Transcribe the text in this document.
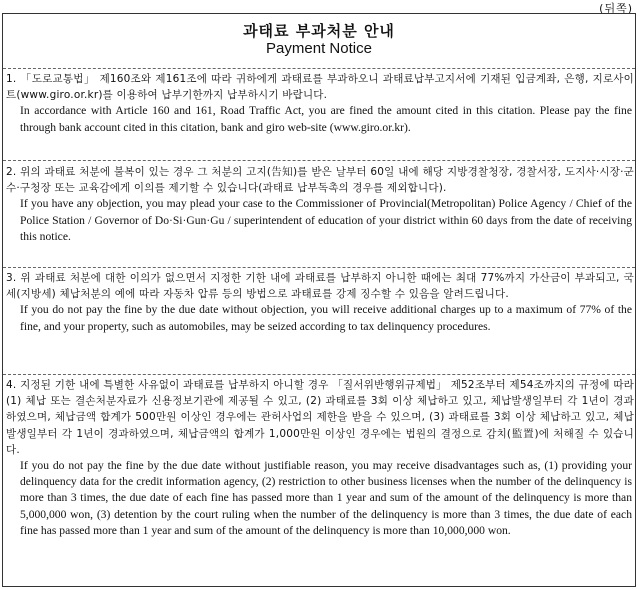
(뒤쪽)
과태료 부과처분 안내
Payment Notice

1. 「도로교통법」 제160조와 제161조에 따라 귀하에게 과태료를 부과하오니 과태료납부고지서에 기재된 입금계좌, 은행, 지로사이트(www.giro.or.kr)를 이용하여 납부기한까지 납부하시기 바랍니다.

In accordance with Article 160 and 161, Road Traffic Act, you are fined the amount cited in this citation. Please pay the fine through bank account cited in this citation, bank and giro web-site (www.giro.or.kr).

2. 위의 과태료 처분에 불복이 있는 경우 그 처분의 고지(告知)를 받은 날부터 60일 내에 해당 지방경찰청장, 경찰서장, 도지사·시장·군수·구청장 또는 교육감에게 이의를 제기할 수 있습니다(과태료 납부독촉의 경우를 제외합니다).

If you have any objection, you may plead your case to the Commissioner of Provincial(Metropolitan) Police Agency / Chief of the Police Station / Governor of Do·Si·Gun·Gu / superintendent of education of your district within 60 days from the date of receiving this notice.

3. 위 과태료 처분에 대한 이의가 없으면서 지정한 기한 내에 과태료를 납부하지 아니한 때에는 최대 77%까지 가산금이 부과되고, 국세(지방세) 체납처분의 예에 따라 자동차 압류 등의 방법으로 과태료를 강제 징수할 수 있음을 알려드립니다.

If you do not pay the fine by the due date without objection, you will receive additional charges up to a maximum of 77% of the fine, and your property, such as automobiles, may be seized according to tax delinquency procedures.

4. 지정된 기한 내에 특별한 사유없이 과태료를 납부하지 아니할 경우 「질서위반행위규제법」 제52조부터 제54조까지의 규정에 따라 (1) 체납 또는 결손처분자료가 신용정보기관에 제공될 수 있고, (2) 과태료를 3회 이상 체납하고 있고, 체납발생일부터 각 1년이 경과하였으며, 체납금액 합계가 500만원 이상인 경우에는 관허사업의 제한을 받을 수 있으며, (3) 과태료를 3회 이상 체납하고 있고, 체납발생일부터 각 1년이 경과하였으며, 체납금액의 합계가 1,000만원 이상인 경우에는 법원의 결정으로 감치(監置)에 처해질 수 있습니다.

If you do not pay the fine by the due date without justifiable reason, you may receive disadvantages such as, (1) providing your delinquency data for the credit information agency, (2) restriction to other business licenses when the number of the delinquency is more than 3 times, the due date of each fine has passed more than 1 year and sum of the amount of the delinquency is more than 5,000,000 won, (3) detention by the court ruling when the number of the delinquency is more than 3 times, the due date of each fine has passed more than 1 year and sum of the amount of the delinquency is more than 10,000,000 won.
